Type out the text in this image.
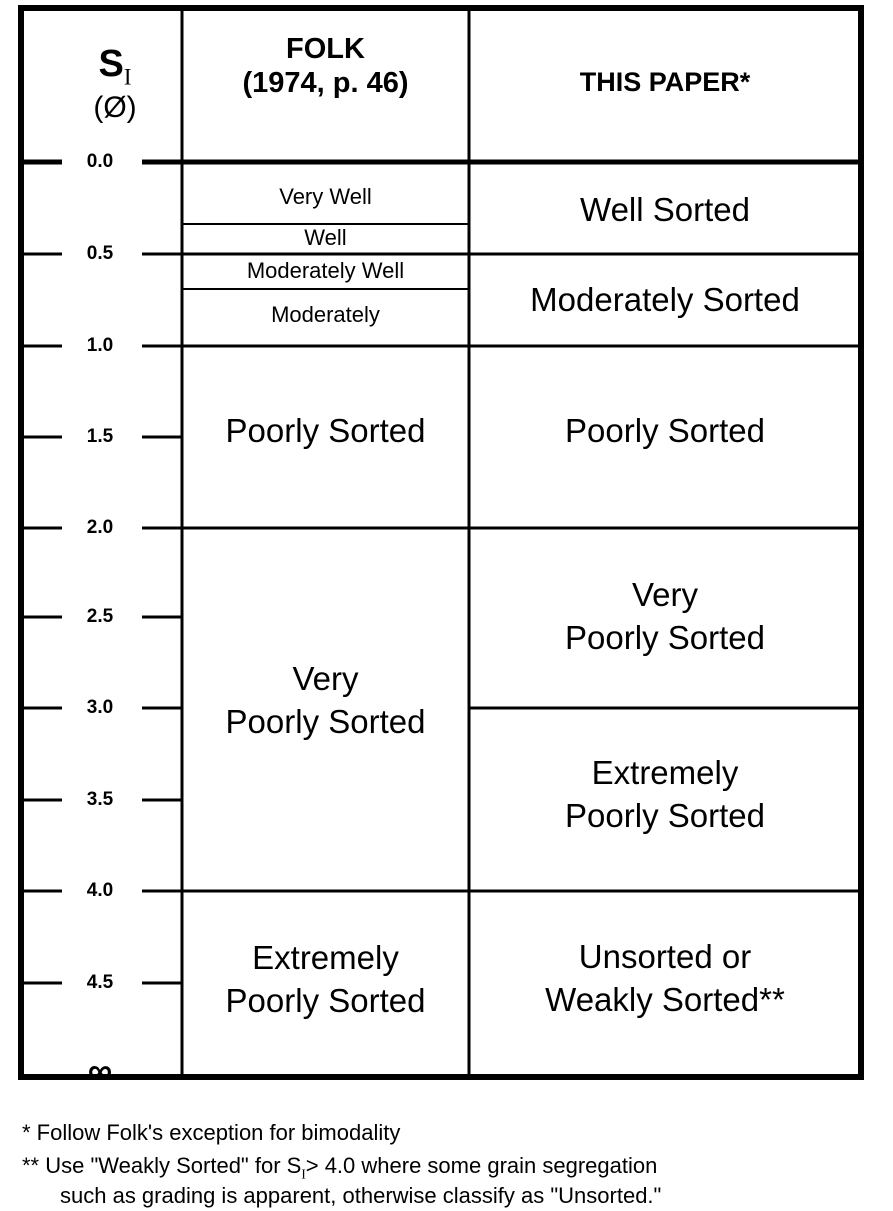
$S_I$
(Ø)
FOLK
(1974, p. 46)	THIS PAPER*
0.0
0.5
1.0
1.5
2.0
2.5
3.0
3.5
4.0
4.5
∞
Very Well
Well
Moderately Well
Moderately
Poorly Sorted
Very
Poorly Sorted
Extremely
Poorly Sorted
Well Sorted
Moderately Sorted
Poorly Sorted
Very
Poorly Sorted
Extremely
Poorly Sorted
Unsorted or
Weakly Sorted**
* Follow Folk's exception for bimodality
** Use "Weakly Sorted" for $S_I> 4.0$ where some grain segregation
such as grading is apparent, otherwise classify as "Unsorted."
